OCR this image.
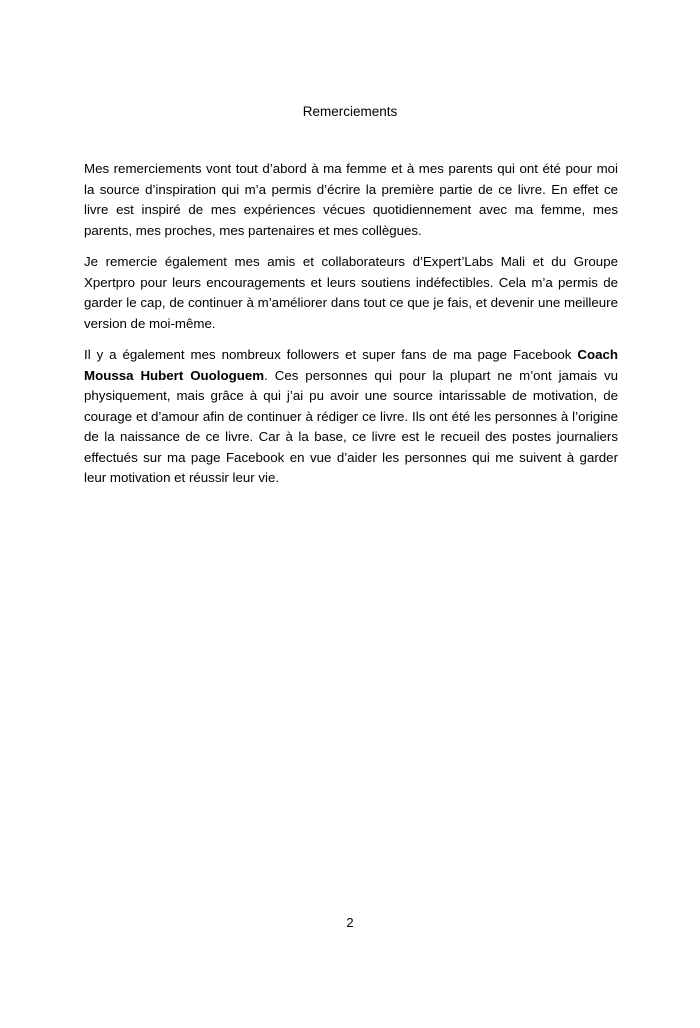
Remerciements

Mes remerciements vont tout d’abord à ma femme et à mes parents qui ont été pour moi la source d’inspiration qui m’a permis d’écrire la première partie de ce livre. En effet ce livre est inspiré de mes expériences vécues quotidiennement avec ma femme, mes parents, mes proches, mes partenaires et mes collègues.

Je remercie également mes amis et collaborateurs d’Expert’Labs Mali et du Groupe Xpertpro pour leurs encouragements et leurs soutiens indéfectibles. Cela m’a permis de garder le cap, de continuer à m’améliorer dans tout ce que je fais, et devenir une meilleure version de moi-même.

Il y a également mes nombreux followers et super fans de ma page Facebook Coach Moussa Hubert Ouologuem. Ces personnes qui pour la plupart ne m’ont jamais vu physiquement, mais grâce à qui j’ai pu avoir une source intarissable de motivation, de courage et d’amour afin de continuer à rédiger ce livre. Ils ont été les personnes à l’origine de la naissance de ce livre. Car à la base, ce livre est le recueil des postes journaliers effectués sur ma page Facebook en vue d’aider les personnes qui me suivent à garder leur motivation et réussir leur vie.

2
